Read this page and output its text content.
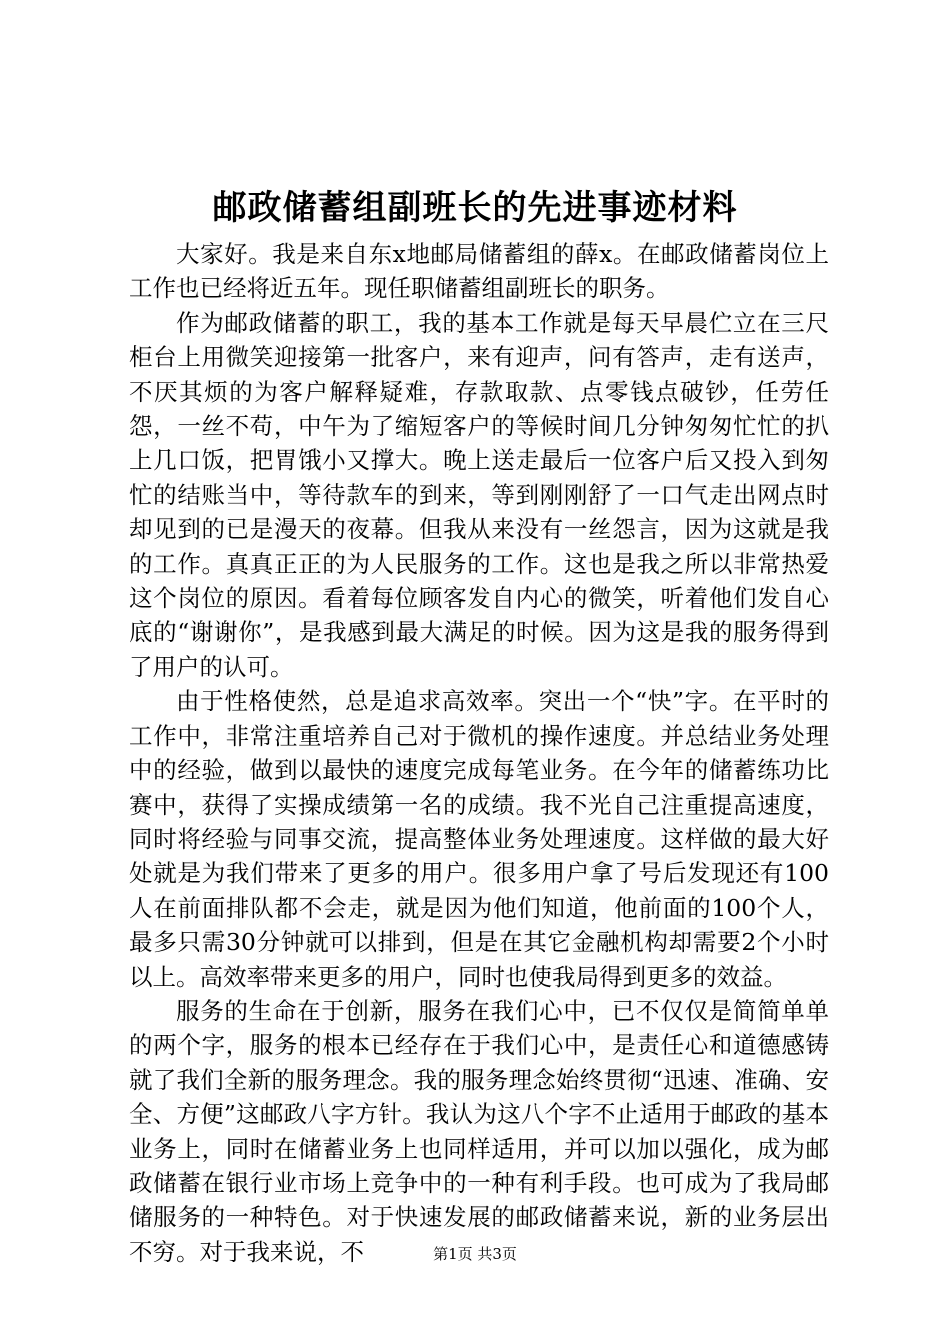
邮政储蓄组副班长的先进事迹材料

大家好。我是来自东x地邮局储蓄组的薛x。在邮政储蓄岗位上工作也已经将近五年。现任职储蓄组副班长的职务。

作为邮政储蓄的职工，我的基本工作就是每天早晨伫立在三尺柜台上用微笑迎接第一批客户，来有迎声，问有答声，走有送声，不厌其烦的为客户解释疑难，存款取款、点零钱点破钞，任劳任怨，一丝不苟，中午为了缩短客户的等候时间几分钟匆匆忙忙的扒上几口饭，把胃饿小又撑大。晚上送走最后一位客户后又投入到匆忙的结账当中，等待款车的到来，等到刚刚舒了一口气走出网点时却见到的已是漫天的夜幕。但我从来没有一丝怨言，因为这就是我的工作。真真正正的为人民服务的工作。这也是我之所以非常热爱这个岗位的原因。看着每位顾客发自内心的微笑，听着他们发自心底的“谢谢你”，是我感到最大满足的时候。因为这是我的服务得到了用户的认可。

由于性格使然，总是追求高效率。突出一个“快”字。在平时的工作中，非常注重培养自己对于微机的操作速度。并总结业务处理中的经验，做到以最快的速度完成每笔业务。在今年的储蓄练功比赛中，获得了实操成绩第一名的成绩。我不光自己注重提高速度，同时将经验与同事交流，提高整体业务处理速度。这样做的最大好处就是为我们带来了更多的用户。很多用户拿了号后发现还有100人在前面排队都不会走，就是因为他们知道，他前面的100个人，最多只需30分钟就可以排到，但是在其它金融机构却需要2个小时以上。高效率带来更多的用户，同时也使我局得到更多的效益。

服务的生命在于创新，服务在我们心中，已不仅仅是简简单单的两个字，服务的根本已经存在于我们心中，是责任心和道德感铸就了我们全新的服务理念。我的服务理念始终贯彻“迅速、准确、安全、方便”这邮政八字方针。我认为这八个字不止适用于邮政的基本业务上，同时在储蓄业务上也同样适用，并可以加以强化，成为邮政储蓄在银行业市场上竞争中的一种有利手段。也可成为了我局邮储服务的一种特色。对于快速发展的邮政储蓄来说，新的业务层出不穷。对于我来说，不	第1页 共3页
